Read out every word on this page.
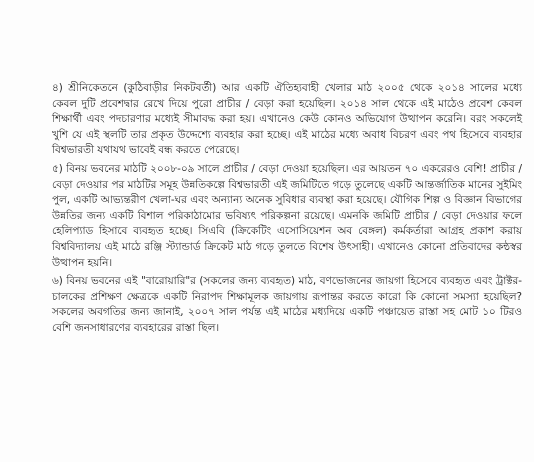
৪) শ্রীনিকেতনে (কুঠিবাড়ীর নিকটবর্তী) আর একটি ঐতিহ্যবাহী খেলার মাঠ ২০০৫ থেকে ২০১৪ সালের মধ্যে কেবল দুটি প্রবেশদ্বার রেখে দিয়ে পুরো প্রাচীর / বেড়া করা হয়েছিল। ২০১৪ সাল থেকে এই মাঠেও প্রবেশ কেবল শিক্ষার্থী এবং পদচারণার মধ্যেই সীমাবদ্ধ করা হয়। এখানেও কেউ কোনও অভিযোগ উত্থাপন করেনি। বরং সকলেই খুশি যে এই স্থলটি তার প্রকৃত উদ্দেশ্যে ব্যবহার করা হচ্ছে। এই মাঠের মধ্যে অবাধ বিচরণ এবং পথ হিসেবে ব্যবহার বিশ্বভারতী যথাযথ ভাবেই বন্ধ করতে পেরেছে।

৫) বিনয় ভবনের মাঠটি ২০০৮-০৯ সালে প্রাচীর / বেড়া দেওয়া হয়েছিল। এর আয়তন ৭০ একরেরও বেশি! প্রাচীর / বেড়া দেওয়ার পর মাঠটির সমূহ উন্নতিকল্পে বিশ্বভারতী এই জমিটিতে গড়ে তুলেছে একটি আন্তর্জাতিক মানের সুইমিং পুল, একটি আভ্যন্তরীণ খেলা-ঘর এবং অন্যান্য অনেক সুবিধার ব্যবস্থা করা হয়েছে। যৌগিক শিল্প ও বিজ্ঞান বিভাগের উন্নতির জন্য একটি বিশাল পরিকাঠামোর ভবিষ্যৎ পরিকল্পনা রয়েছে। এমনকি জমিটি প্রাচীর / বেড়া দেওয়ার ফলে হেলিপ্যাড হিসাবে ব্যবহৃত হচ্ছে। সিএবি (ক্রিকেটিং এসোসিয়েশন অব বেঙ্গল) কর্মকর্তারা আগ্রহ প্রকাশ করায় বিশ্ববিদ্যালয় এই মাঠে রঞ্জি স্ট্যান্ডার্ড ক্রিকেট মাঠ গড়ে তুলতে বিশেষ উৎসাহী। এখানেও কোনো প্রতিবাদের কন্ঠস্বর উত্থাপন হয়নি।

৬) বিনয় ভবনের এই "বারোয়ারি"র (সকলের জন্য ব্যবহৃত) মাঠ, বণভোজনের জায়গা হিসেবে ব্যবহৃত এবং ট্রাক্টর-চালকের প্রশিক্ষণ ক্ষেত্রকে একটি নিরাপদ শিক্ষামূলক জায়গায় রূপান্তর করতে কারো কি কোনো সমস্যা হয়েছিল? সকলের অবগতির জন্য জানাই, ২০০৭ সাল পর্যন্ত এই মাঠের মধ্যদিয়ে একটি পঞ্চায়েত রাস্তা সহ মোট ১০ টিরও বেশি জনসাধারণের ব্যবহারের রাস্তা ছিল।
